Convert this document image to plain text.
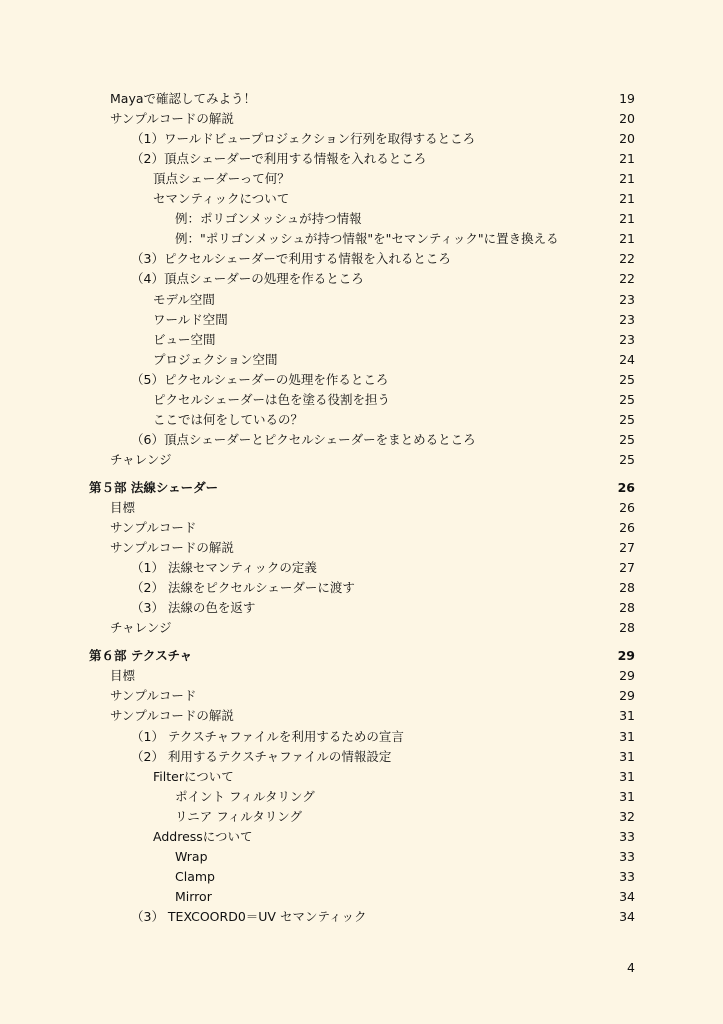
Mayaで確認してみよう！	19
サンプルコードの解説	20
（1）ワールドビュープロジェクション行列を取得するところ	20
（2）頂点シェーダーで利用する情報を入れるところ	21
頂点シェーダーって何？	21
セマンティックについて	21
例：ポリゴンメッシュが持つ情報	21
例："ポリゴンメッシュが持つ情報"を"セマンティック"に置き換える	21
（3）ピクセルシェーダーで利用する情報を入れるところ	22
（4）頂点シェーダーの処理を作るところ	22
モデル空間	23
ワールド空間	23
ビュー空間	23
プロジェクション空間	24
（5）ピクセルシェーダーの処理を作るところ	25
ピクセルシェーダーは色を塗る役割を担う	25
ここでは何をしているの？	25
（6）頂点シェーダーとピクセルシェーダーをまとめるところ	25
チャレンジ	25
第５部 法線シェーダー	26
目標	26
サンプルコード	26
サンプルコードの解説	27
（1） 法線セマンティックの定義	27
（2） 法線をピクセルシェーダーに渡す	28
（3） 法線の色を返す	28
チャレンジ	28
第６部 テクスチャ	29
目標	29
サンプルコード	29
サンプルコードの解説	31
（1） テクスチャファイルを利用するための宣言	31
（2） 利用するテクスチャファイルの情報設定	31
Filterについて	31
ポイント フィルタリング	31
リニア フィルタリング	32
Addressについて	33
Wrap	33
Clamp	33
Mirror	34
（3） TEXCOORD0＝UV セマンティック	34
4
